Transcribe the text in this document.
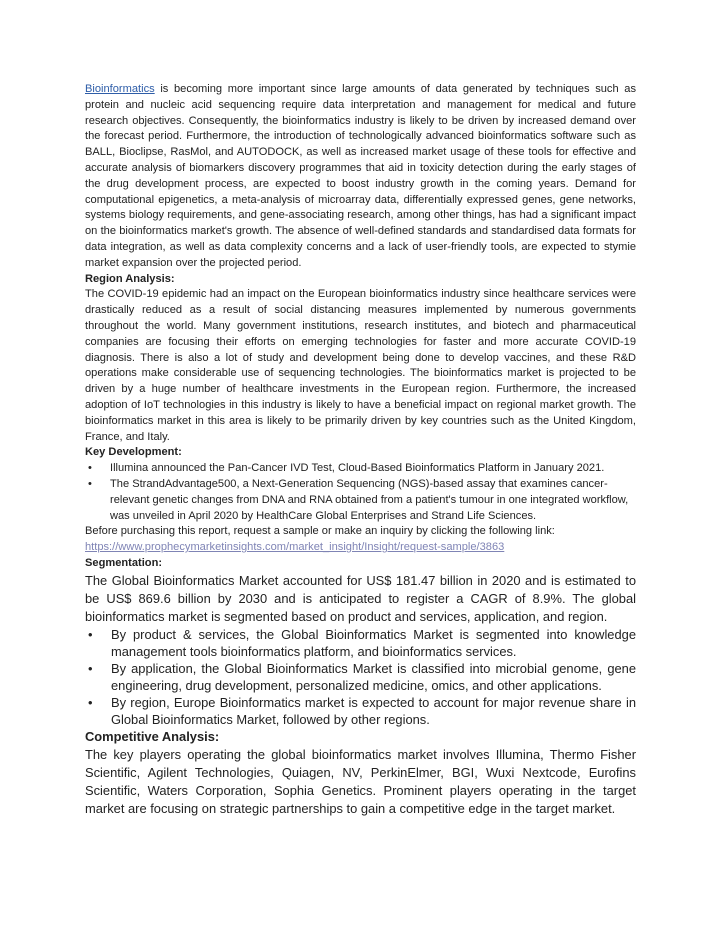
Bioinformatics is becoming more important since large amounts of data generated by techniques such as protein and nucleic acid sequencing require data interpretation and management for medical and future research objectives. Consequently, the bioinformatics industry is likely to be driven by increased demand over the forecast period. Furthermore, the introduction of technologically advanced bioinformatics software such as BALL, Bioclipse, RasMol, and AUTODOCK, as well as increased market usage of these tools for effective and accurate analysis of biomarkers discovery programmes that aid in toxicity detection during the early stages of the drug development process, are expected to boost industry growth in the coming years. Demand for computational epigenetics, a meta-analysis of microarray data, differentially expressed genes, gene networks, systems biology requirements, and gene-associating research, among other things, has had a significant impact on the bioinformatics market's growth. The absence of well-defined standards and standardised data formats for data integration, as well as data complexity concerns and a lack of user-friendly tools, are expected to stymie market expansion over the projected period.

Region Analysis:

The COVID-19 epidemic had an impact on the European bioinformatics industry since healthcare services were drastically reduced as a result of social distancing measures implemented by numerous governments throughout the world. Many government institutions, research institutes, and biotech and pharmaceutical companies are focusing their efforts on emerging technologies for faster and more accurate COVID-19 diagnosis. There is also a lot of study and development being done to develop vaccines, and these R&D operations make considerable use of sequencing technologies. The bioinformatics market is projected to be driven by a huge number of healthcare investments in the European region. Furthermore, the increased adoption of IoT technologies in this industry is likely to have a beneficial impact on regional market growth. The bioinformatics market in this area is likely to be primarily driven by key countries such as the United Kingdom, France, and Italy.

Key Development:

• Illumina announced the Pan-Cancer IVD Test, Cloud-Based Bioinformatics Platform in January 2021.
• The StrandAdvantage500, a Next-Generation Sequencing (NGS)-based assay that examines cancer-relevant genetic changes from DNA and RNA obtained from a patient's tumour in one integrated workflow, was unveiled in April 2020 by HealthCare Global Enterprises and Strand Life Sciences.

Before purchasing this report, request a sample or make an inquiry by clicking the following link:

https://www.prophecymarketinsights.com/market_insight/Insight/request-sample/3863

Segmentation:

The Global Bioinformatics Market accounted for US$ 181.47 billion in 2020 and is estimated to be US$ 869.6 billion by 2030 and is anticipated to register a CAGR of 8.9%. The global bioinformatics market is segmented based on product and services, application, and region.

• By product & services, the Global Bioinformatics Market is segmented into knowledge management tools bioinformatics platform, and bioinformatics services.
• By application, the Global Bioinformatics Market is classified into microbial genome, gene engineering, drug development, personalized medicine, omics, and other applications.
• By region, Europe Bioinformatics market is expected to account for major revenue share in Global Bioinformatics Market, followed by other regions.

Competitive Analysis:

The key players operating the global bioinformatics market involves Illumina, Thermo Fisher Scientific, Agilent Technologies, Quiagen, NV, PerkinElmer, BGI, Wuxi Nextcode, Eurofins Scientific, Waters Corporation, Sophia Genetics. Prominent players operating in the target market are focusing on strategic partnerships to gain a competitive edge in the target market.
